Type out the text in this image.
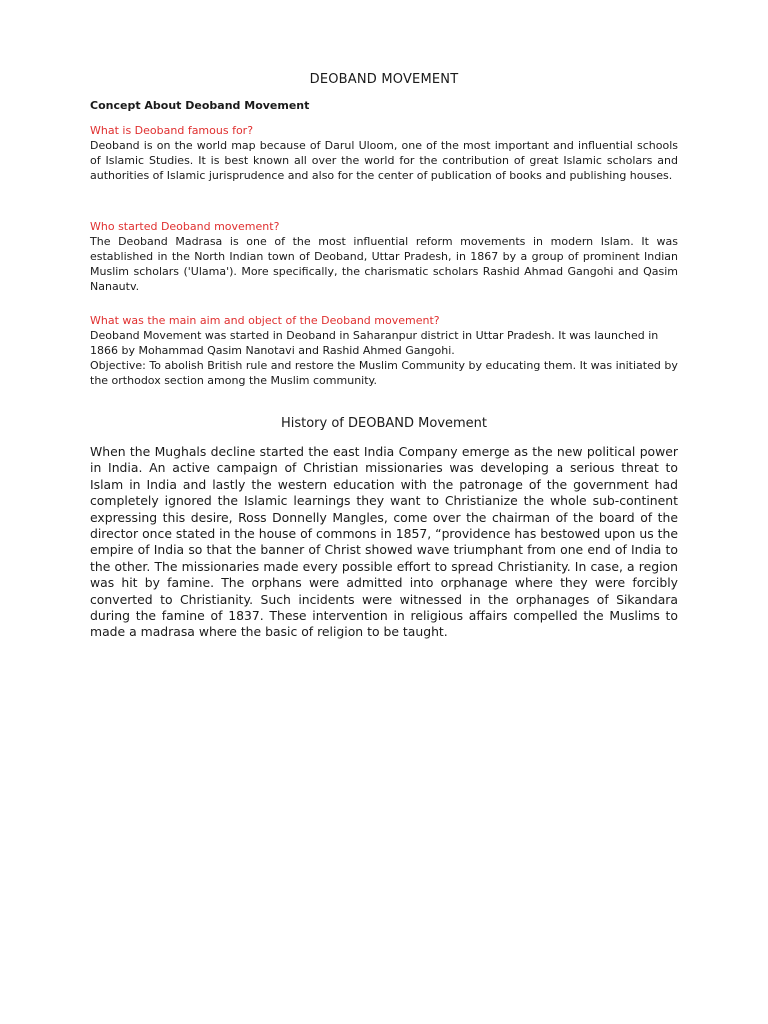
DEOBAND MOVEMENT
Concept About Deoband Movement

What is Deoband famous for?

Deoband is on the world map because of Darul Uloom, one of the most important and influential schools of Islamic Studies. It is best known all over the world for the contribution of great Islamic scholars and authorities of Islamic jurisprudence and also for the center of publication of books and publishing houses.

Who started Deoband movement?

The Deoband Madrasa is one of the most influential reform movements in modern Islam. It was established in the North Indian town of Deoband, Uttar Pradesh, in 1867 by a group of prominent Indian Muslim scholars ('Ulama'). More specifically, the charismatic scholars Rashid Ahmad Gangohi and Qasim Nanautv.

What was the main aim and object of the Deoband movement?

Deoband Movement was started in Deoband in Saharanpur district in Uttar Pradesh. It was launched in 1866 by Mohammad Qasim Nanotavi and Rashid Ahmed Gangohi.

Objective: To abolish British rule and restore the Muslim Community by educating them. It was initiated by the orthodox section among the Muslim community.

History of DEOBAND Movement

When the Mughals decline started the east India Company emerge as the new political power in India. An active campaign of Christian missionaries was developing a serious threat to Islam in India and lastly the western education with the patronage of the government had completely ignored the Islamic learnings they want to Christianize the whole sub-continent expressing this desire, Ross Donnelly Mangles, come over the chairman of the board of the director once stated in the house of commons in 1857, “providence has bestowed upon us the empire of India so that the banner of Christ showed wave triumphant from one end of India to the other. The missionaries made every possible effort to spread Christianity. In case, a region was hit by famine. The orphans were admitted into orphanage where they were forcibly converted to Christianity. Such incidents were witnessed in the orphanages of Sikandara during the famine of 1837. These intervention in religious affairs compelled the Muslims to made a madrasa where the basic of religion to be taught.
